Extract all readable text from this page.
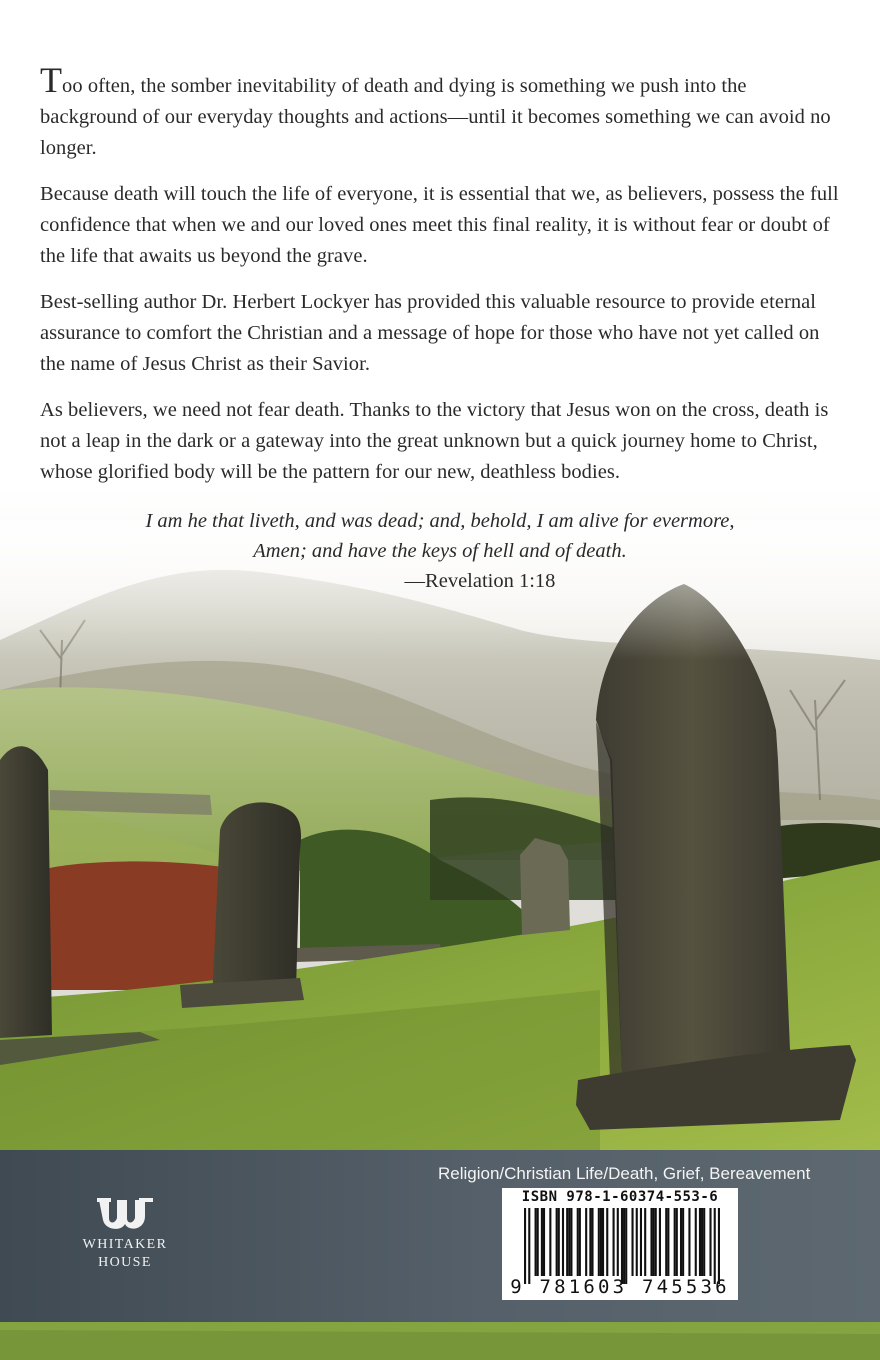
Too often, the somber inevitability of death and dying is something we push into the background of our everyday thoughts and actions—until it becomes something we can avoid no longer.

Because death will touch the life of everyone, it is essential that we, as believers, possess the full confidence that when we and our loved ones meet this final reality, it is without fear or doubt of the life that awaits us beyond the grave.

Best-selling author Dr. Herbert Lockyer has provided this valuable resource to provide eternal assurance to comfort the Christian and a message of hope for those who have not yet called on the name of Jesus Christ as their Savior.

As believers, we need not fear death. Thanks to the victory that Jesus won on the cross, death is not a leap in the dark or a gateway into the great unknown but a quick journey home to Christ, whose glorified body will be the pattern for our new, deathless bodies.

I am he that liveth, and was dead; and, behold, I am alive for evermore,
Amen; and have the keys of hell and of death.
—Revelation 1:18
WHITAKER
HOUSE
Religion/Christian Life/Death, Grief, Bereavement
ISBN 978-1-60374-553-6
9 781603 745536
